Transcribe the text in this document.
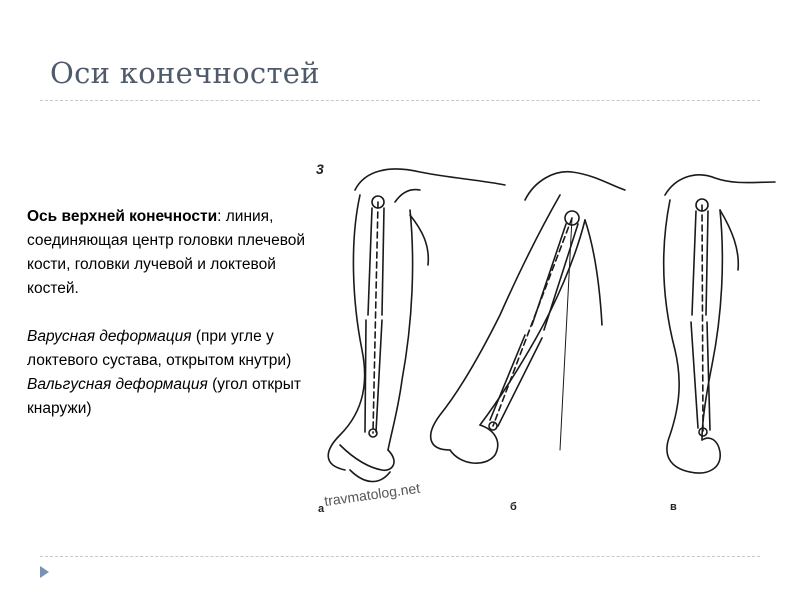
Оси конечностей

Ось верхней конечности: линия, соединяющая центр головки плечевой кости, головки лучевой и локтевой костей.

Варусная деформация (при угле у локтевого сустава, открытом кнутри)

Вальгусная деформация (угол открыт кнаружи)

3
а	б	в
travmatolog.net
